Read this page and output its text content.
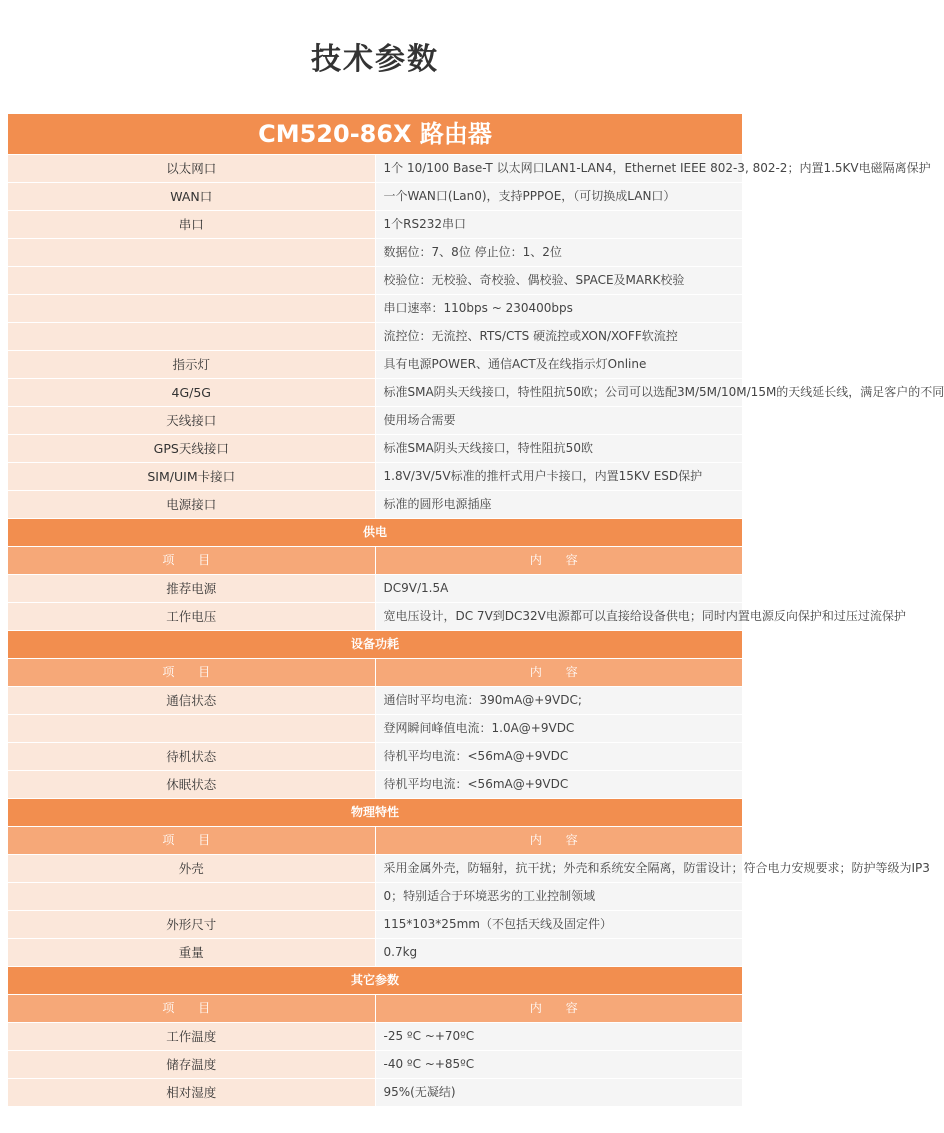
技术参数
CM520-86X 路由器	
以太网口	1个 10/100 Base-T 以太网口LAN1-LAN4，Ethernet IEEE 802-3, 802-2；内置1.5KV电磁隔离保护
WAN口	一个WAN口(Lan0)，支持PPPOE，（可切换成LAN口）
串口	1个RS232串口
	数据位：7、8位 停止位：1、2位
	校验位：无校验、奇校验、偶校验、SPACE及MARK校验
	串口速率：110bps ~ 230400bps
	流控位：无流控、RTS/CTS 硬流控或XON/XOFF软流控
指示灯	具有电源POWER、通信ACT及在线指示灯Online
4G/5G	标准SMA阴头天线接口，特性阻抗50欧；公司可以选配3M/5M/10M/15M的天线延长线，满足客户的不同
天线接口	使用场合需要
GPS天线接口	标准SMA阴头天线接口，特性阻抗50欧
SIM/UIM卡接口	1.8V/3V/5V标准的推杆式用户卡接口，内置15KV ESD保护
电源接口	标准的圆形电源插座
供电	
项 目	内 容
推荐电源	DC9V/1.5A
工作电压	宽电压设计，DC 7V到DC32V电源都可以直接给设备供电；同时内置电源反向保护和过压过流保护
设备功耗	
项 目	内 容
通信状态	通信时平均电流：390mA@+9VDC;
	登网瞬间峰值电流：1.0A@+9VDC
待机状态	待机平均电流：<56mA@+9VDC
休眠状态	待机平均电流：<56mA@+9VDC
物理特性	
项 目	内 容
外壳	采用金属外壳，防辐射，抗干扰；外壳和系统安全隔离，防雷设计；符合电力安规要求；防护等级为IP3
	0；特别适合于环境恶劣的工业控制领域
外形尺寸	115*103*25mm（不包括天线及固定件）
重量	0.7kg
其它参数	
项 目	内 容
工作温度	-25 ºC ~+70ºC
储存温度	-40 ºC ~+85ºC
相对湿度	95%(无凝结)
